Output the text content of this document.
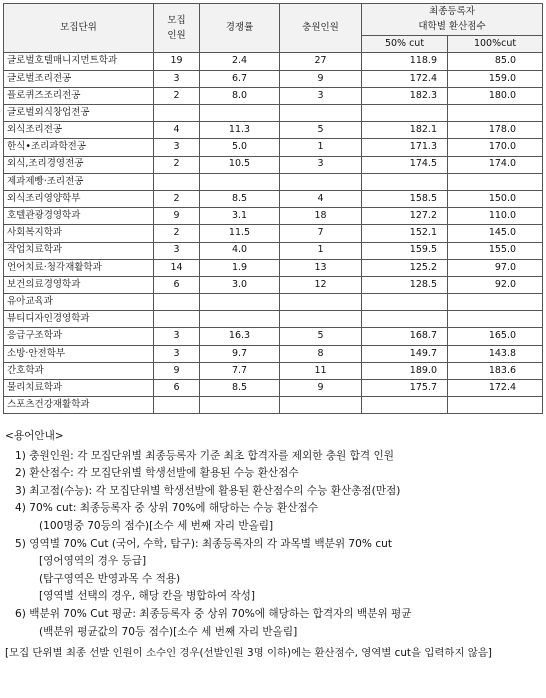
모집단위	모집
인원	경쟁률	충원인원	최종등록자
대학별 환산점수	
				50% cut	100%cut
글로벌호텔매니지먼트학과	19	2.4	27	118.9	85.0
글로벌조리전공	3	6.7	9	172.4	159.0
플로퀴즈조리전공	2	8.0	3	182.3	180.0
글로벌외식창업전공					
외식조리전공	4	11.3	5	182.1	178.0
한식•조리과학전공	3	5.0	1	171.3	170.0
외식,조리경영전공	2	10.5	3	174.5	174.0
제과제빵·조리전공					
외식조리영양학부	2	8.5	4	158.5	150.0
호텔관광경영학과	9	3.1	18	127.2	110.0
사회복지학과	2	11.5	7	152.1	145.0
작업치료학과	3	4.0	1	159.5	155.0
언어치료·청각재활학과	14	1.9	13	125.2	97.0
보건의료경영학과	6	3.0	12	128.5	92.0
유아교육과					
뷰티디자인경영학과					
응급구조학과	3	16.3	5	168.7	165.0
소방·안전학부	3	9.7	8	149.7	143.8
간호학과	9	7.7	11	189.0	183.6
물리치료학과	6	8.5	9	175.7	172.4
스포츠건강재활학과					
<용어안내>
1) 충원인원: 각 모집단위별 최종등록자 기준 최초 합격자를 제외한 충원 합격 인원
2) 환산점수: 각 모집단위별 학생선발에 활용된 수능 환산점수
3) 최고점(수능): 각 모집단위별 학생선발에 활용된 환산점수의 수능 환산총점(만점)
4) 70% cut: 최종등록자 중 상위 70%에 해당하는 수능 환산점수
(100명중 70등의 점수)[소수 세 번째 자리 반올림]
5) 영역별 70% Cut (국어, 수학, 탐구): 최종등록자의 각 과목별 백분위 70% cut
[영어영역의 경우 등급]
(탐구영역은 반영과목 수 적용)
[영역별 선택의 경우, 해당 칸을 병합하여 작성]
6) 백분위 70% Cut 평균: 최종등록자 중 상위 70%에 해당하는 합격자의 백분위 평균
(백분위 평균값의 70등 점수)[소수 세 번째 자리 반올림]
[모집 단위별 최종 선발 인원이 소수인 경우(선발인원 3명 이하)에는 환산점수, 영역별 cut을 입력하지 않음]
